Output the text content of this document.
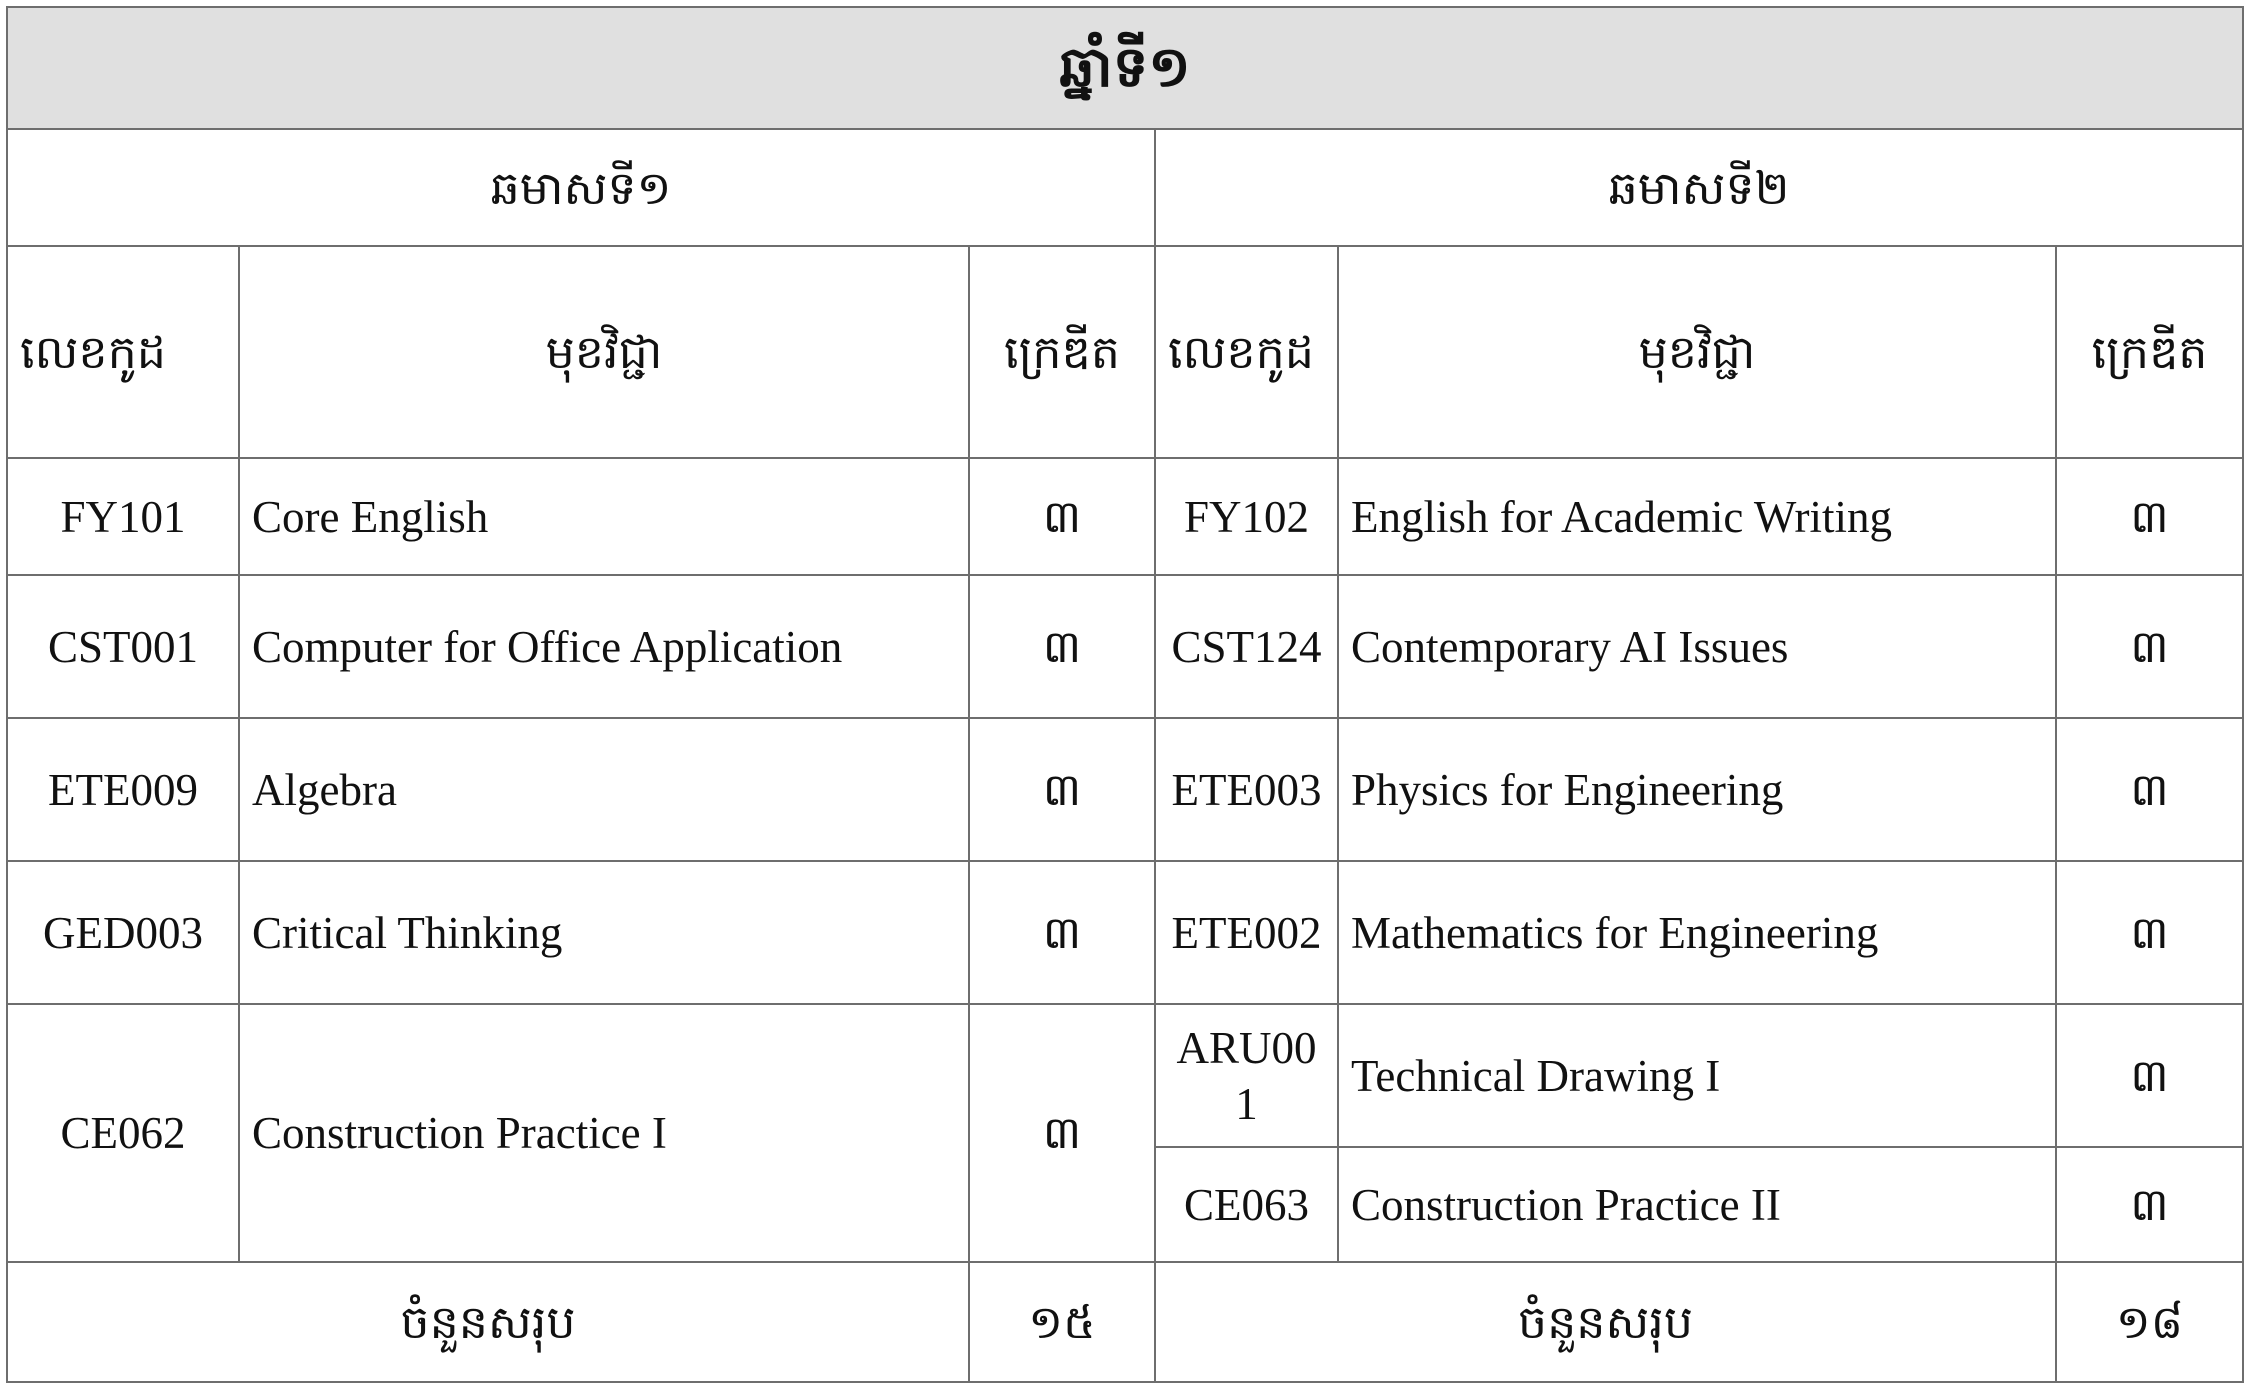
ឆ្នាំទី១					
ឆមាសទី១			ឆមាសទី២		
លេខកូដ	មុខវិជ្ជា	ក្រេឌីត	លេខកូដ	មុខវិជ្ជា	ក្រេឌីត
FY101	Core English	៣	FY102	English for Academic Writing	៣
CST001	Computer for Office Application	៣	CST124	Contemporary AI Issues	៣
ETE009	Algebra	៣	ETE003	Physics for Engineering	៣
GED003	Critical Thinking	៣	ETE002	Mathematics for Engineering	៣
CE062	Construction Practice I	៣	ARU001	Technical Drawing I	៣
			CE063	Construction Practice II	៣
ចំនួនសរុប		១៥	ចំនួនសរុប		១៨
